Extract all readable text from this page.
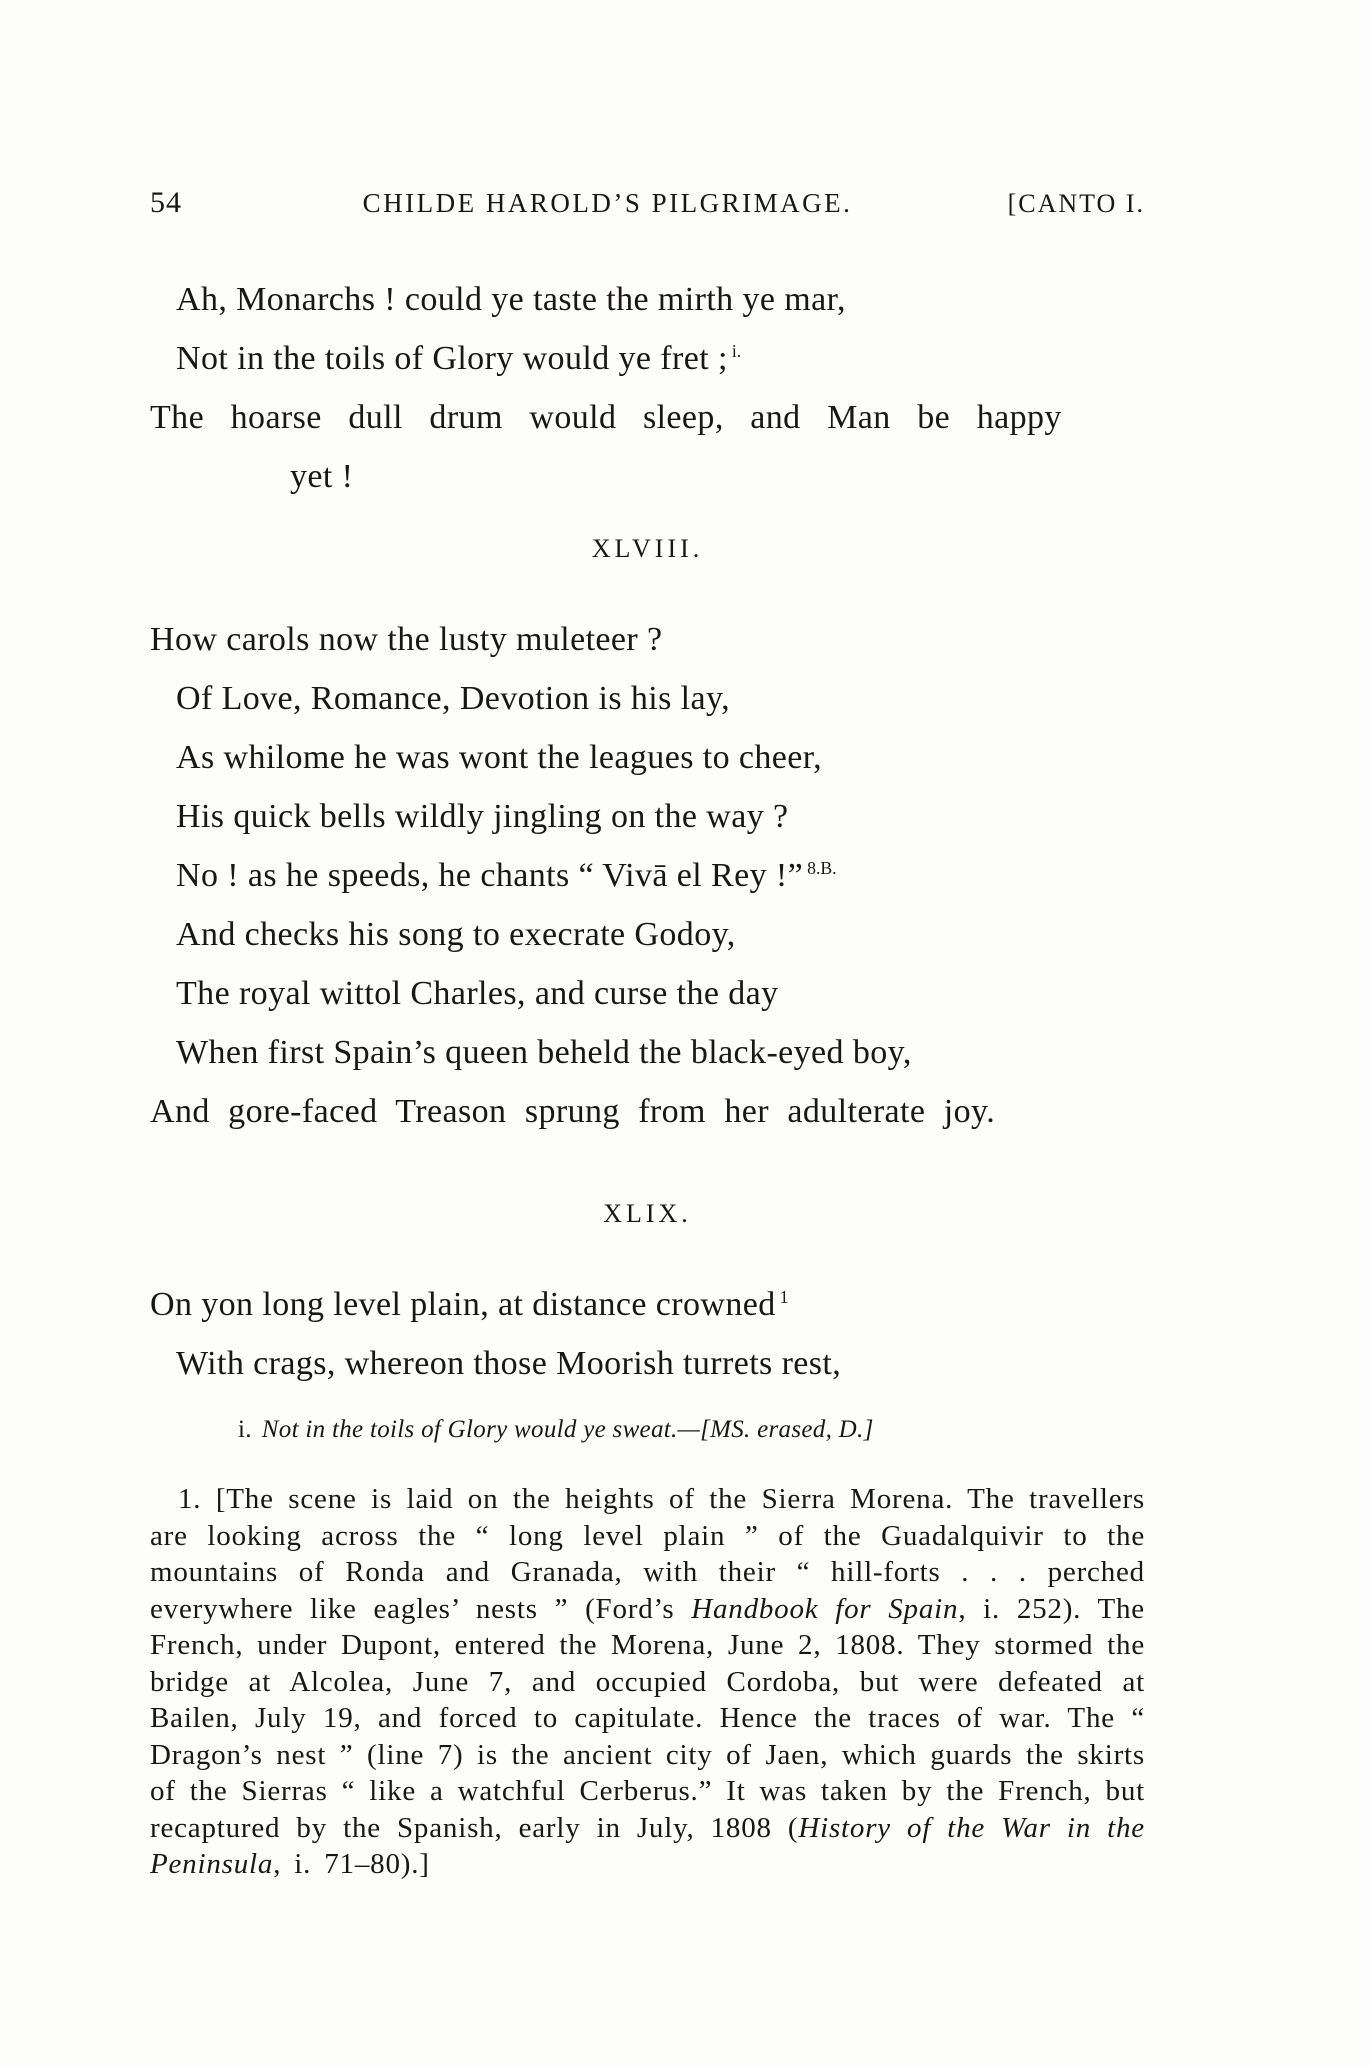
54	CHILDE HAROLD’S PILGRIMAGE.	[CANTO I.
Ah, Monarchs ! could ye taste the mirth ye mar,
Not in the toils of Glory would ye fret ; $^{i.}$
The hoarse dull drum would sleep, and Man be happy
yet !
XLVIII.
How carols now the lusty muleteer ?
Of Love, Romance, Devotion is his lay,
As whilome he was wont the leagues to cheer,
His quick bells wildly jingling on the way ?
No ! as he speeds, he chants “ Vivā el Rey !” $^{8.B.}$
And checks his song to execrate Godoy,
The royal wittol Charles, and curse the day
When first Spain’s queen beheld the black-eyed boy,
And gore-faced Treason sprung from her adulterate joy.
XLIX.
On yon long level plain, at distance crowned $^1$
With crags, whereon those Moorish turrets rest,
i. Not in the toils of Glory would ye sweat.—[MS. erased, D.]
1. [The scene is laid on the heights of the Sierra Morena. The travellers are looking across the “ long level plain ” of the Guadalquivir to the mountains of Ronda and Granada, with their “ hill-forts . . . perched everywhere like eagles’ nests ” (Ford’s Handbook for Spain, i. 252). The French, under Dupont, entered the Morena, June 2, 1808. They stormed the bridge at Alcolea, June 7, and occupied Cordoba, but were defeated at Bailen, July 19, and forced to capitulate. Hence the traces of war. The “ Dragon’s nest ” (line 7) is the ancient city of Jaen, which guards the skirts of the Sierras “ like a watchful Cerberus.” It was taken by the French, but recaptured by the Spanish, early in July, 1808 (History of the War in the Peninsula, i. 71–80).]
